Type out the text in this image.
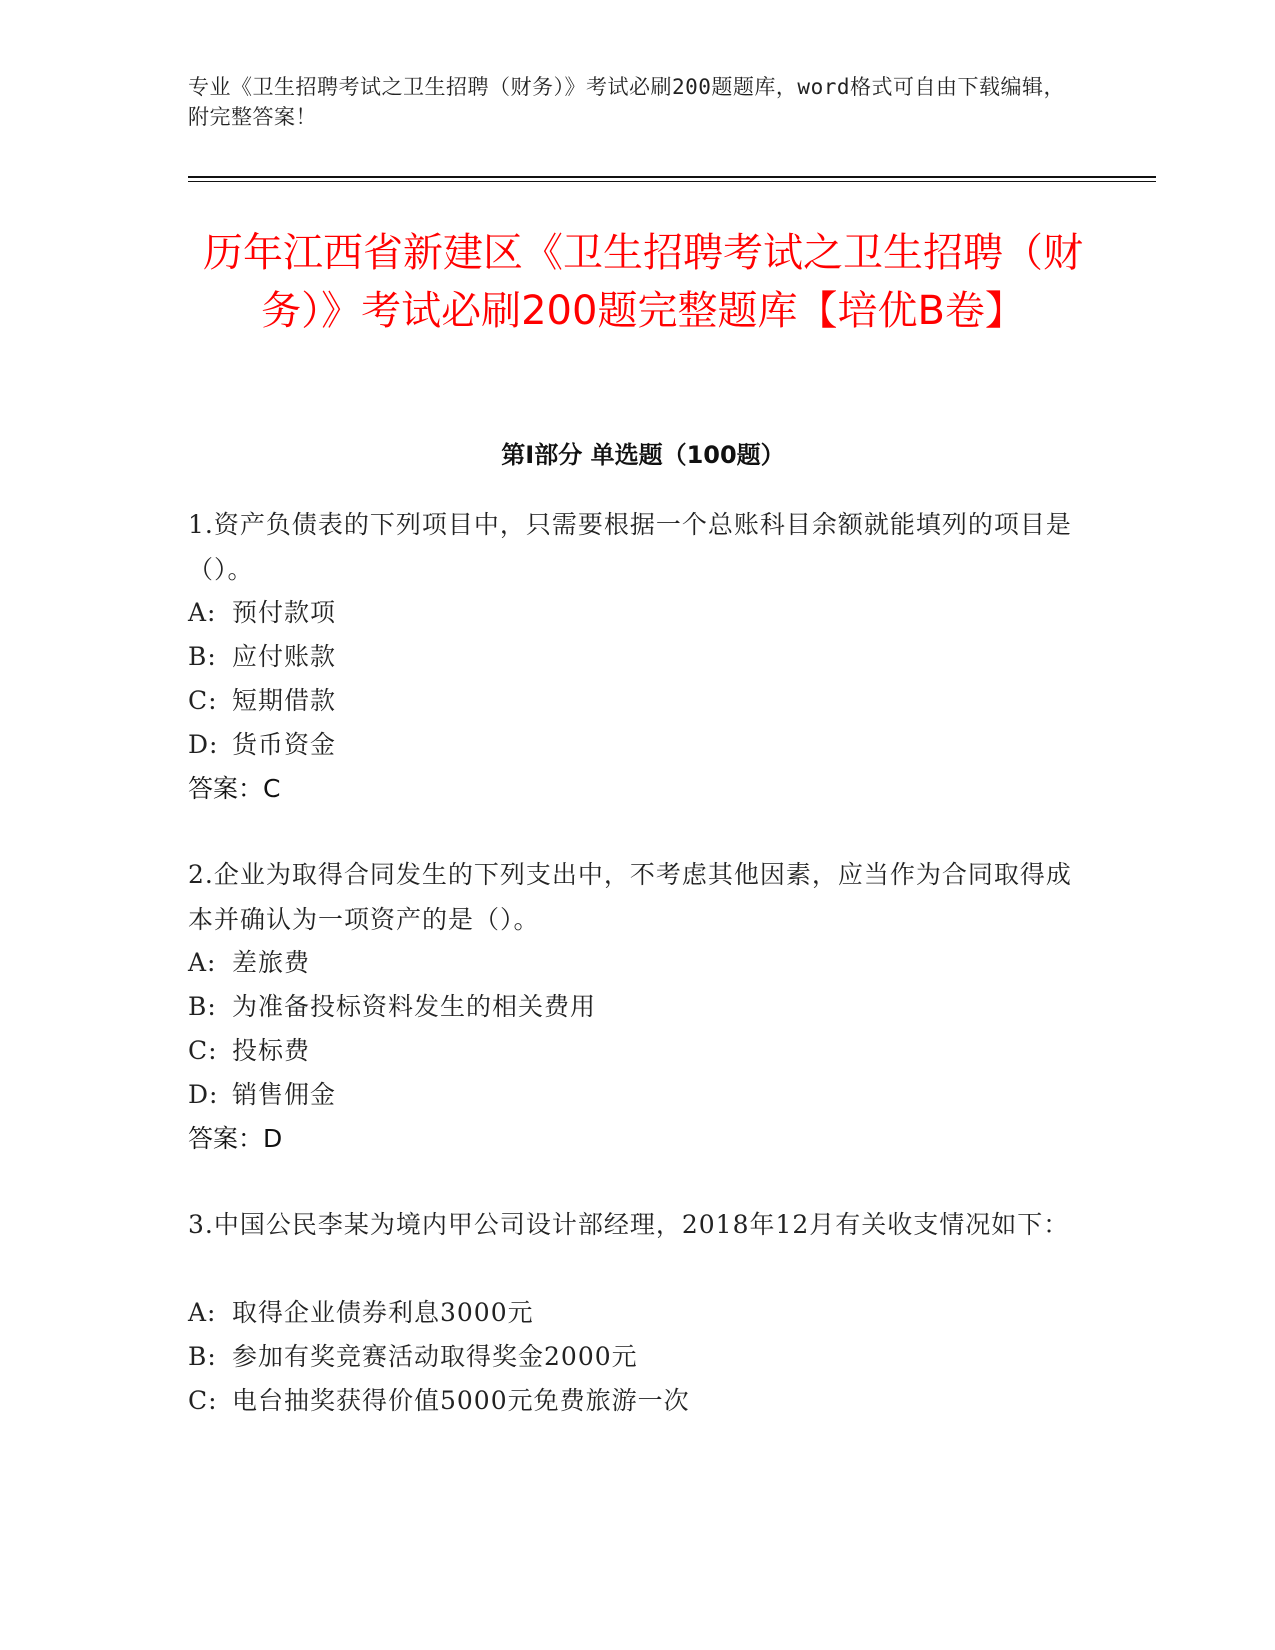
专业《卫生招聘考试之卫生招聘（财务）》考试必刷200题题库，word格式可自由下载编辑，附完整答案！
历年江西省新建区《卫生招聘考试之卫生招聘（财务）》考试必刷200题完整题库【培优B卷】
第Ⅰ部分 单选题（100题）
1.资产负债表的下列项目中，只需要根据一个总账科目余额就能填列的项目是（）。
A: 预付款项
B: 应付账款
C: 短期借款
D: 货币资金
答案：C
2.企业为取得合同发生的下列支出中，不考虑其他因素，应当作为合同取得成本并确认为一项资产的是（）。
A: 差旅费
B: 为准备投标资料发生的相关费用
C: 投标费
D: 销售佣金
答案：D
3.中国公民李某为境内甲公司设计部经理，2018年12月有关收支情况如下：
A: 取得企业债券利息3000元
B: 参加有奖竞赛活动取得奖金2000元
C: 电台抽奖获得价值5000元免费旅游一次
